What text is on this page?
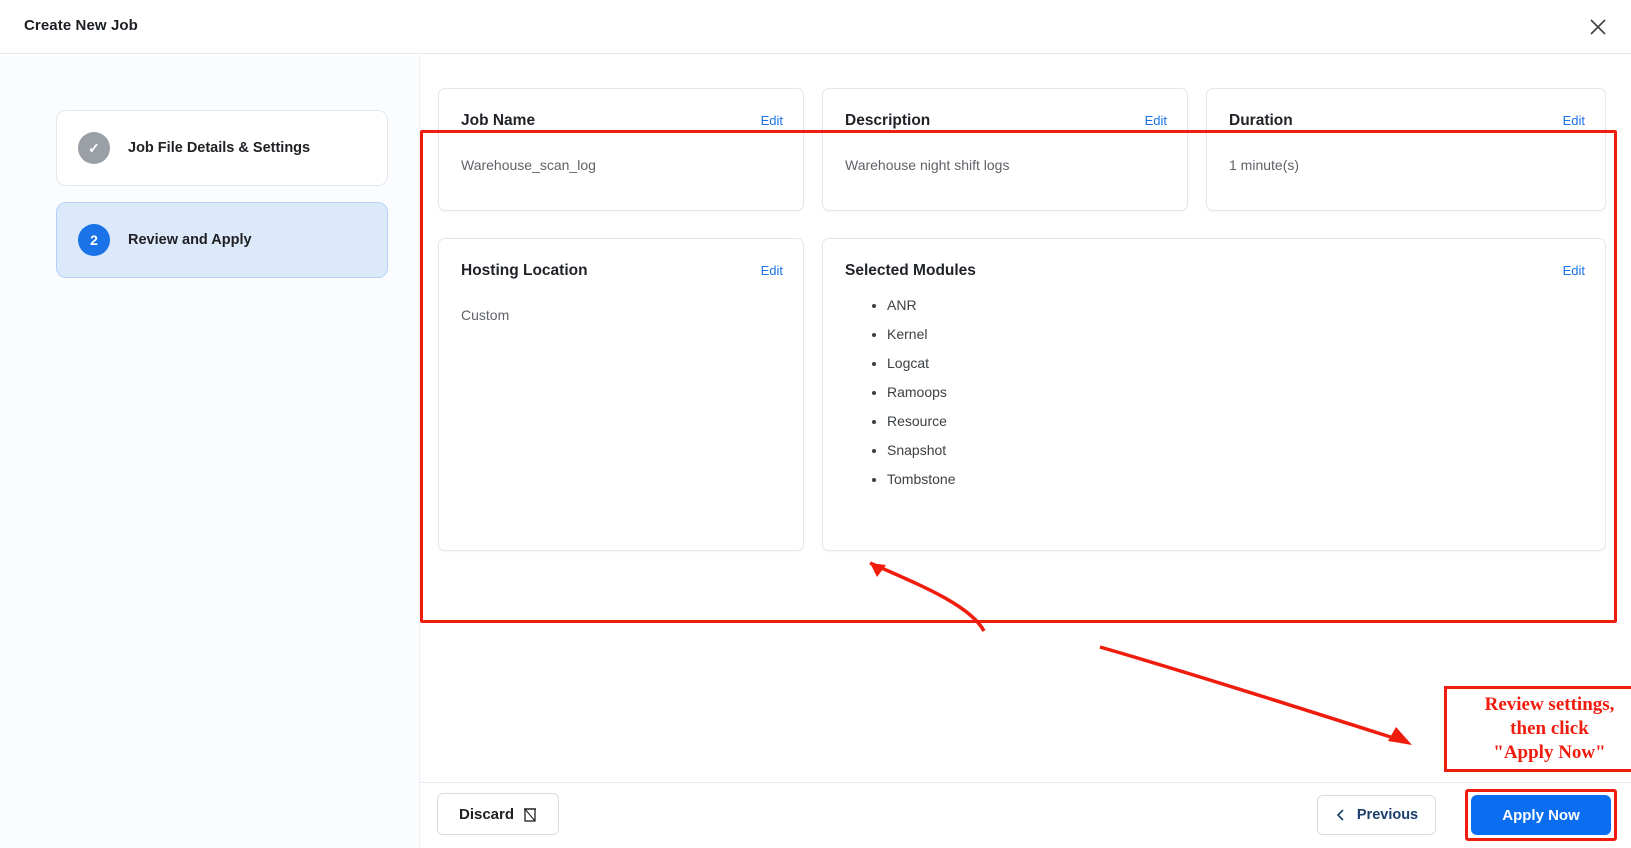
Create New Job
✓	Job File Details & Settings
2	Review and Apply
Job Name	Edit
Warehouse_scan_log
Description	Edit
Warehouse night shift logs
Duration	Edit
1 minute(s)
Hosting Location	Edit
Custom
Selected Modules	Edit
• ANR
• Kernel
• Logcat
• Ramoops
• Resource
• Snapshot
• Tombstone
Review settings,
then click
"Apply Now"
Discard	Previous	Apply Now
